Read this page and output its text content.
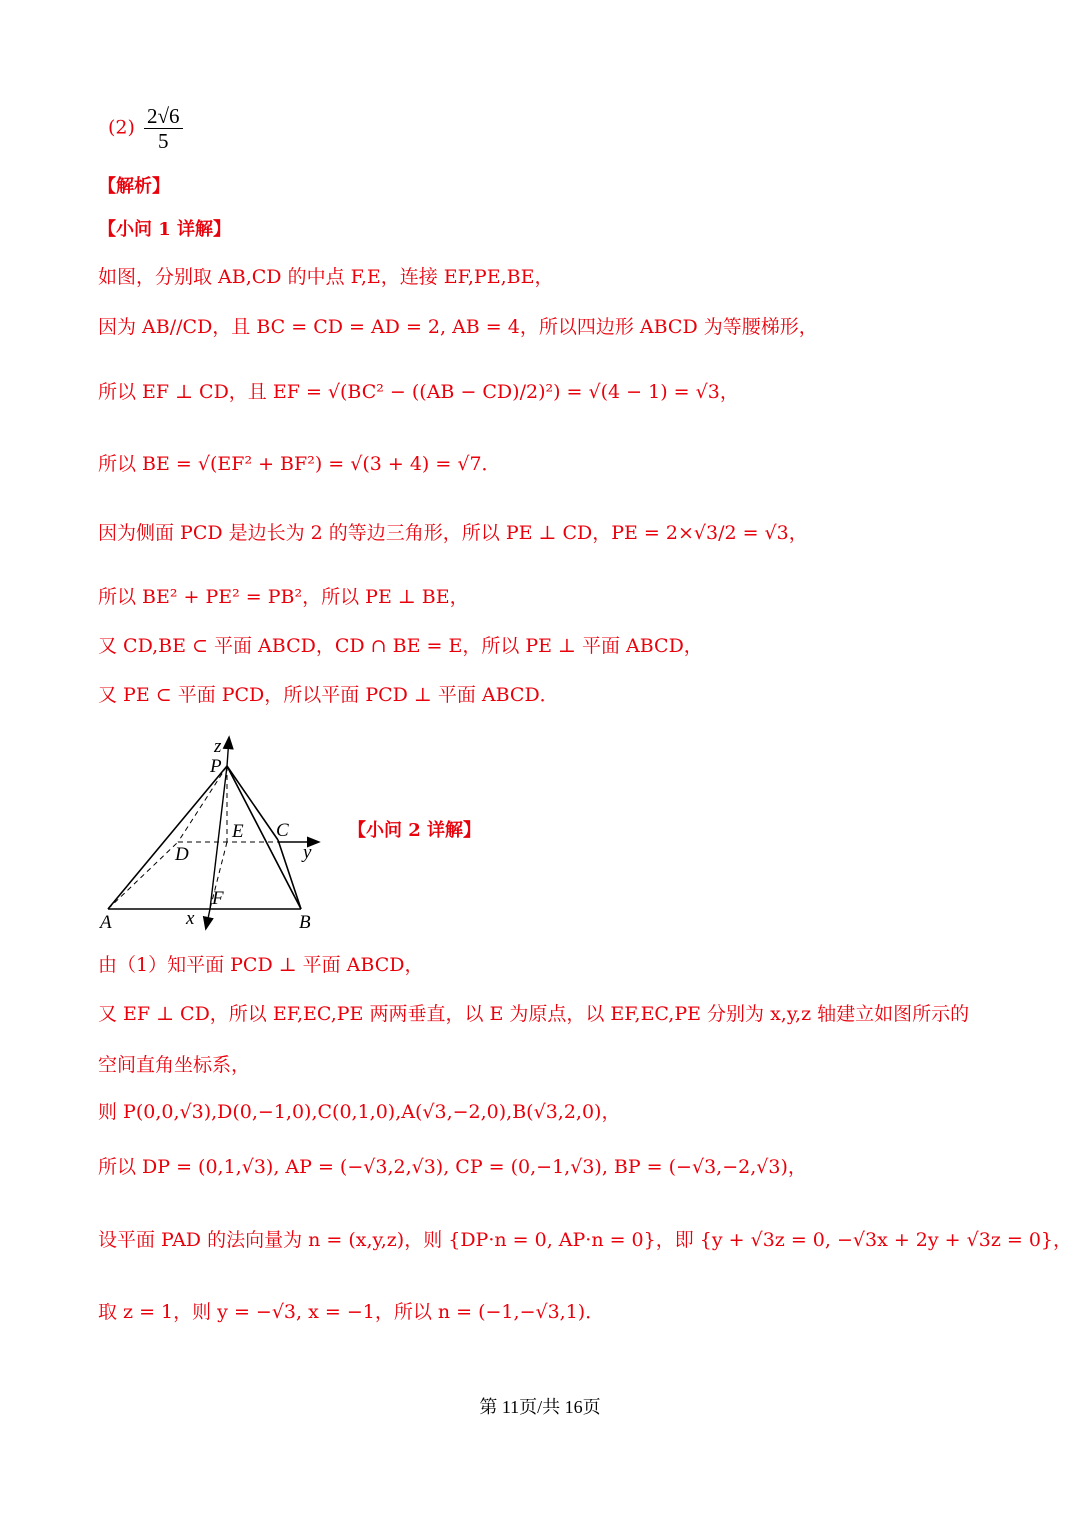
$(2) \frac{2√6}{5}$
【解析】
【小问 1 详解】
如图，分别取 AB,CD 的中点 F,E，连接 EF,PE,BE，
因为 AB//CD，且 BC = CD = AD = 2, AB = 4，所以四边形 ABCD 为等腰梯形，
所以 EF ⊥ CD，且 EF = √(BC² − ((AB − CD)/2)²) = √(4 − 1) = √3，
所以 BE = √(EF² + BF²) = √(3 + 4) = √7．
因为侧面 PCD 是边长为 2 的等边三角形，所以 PE ⊥ CD，PE = 2×√3/2 = √3，
所以 BE² + PE² = PB²，所以 PE ⊥ BE，
又 CD,BE ⊂ 平面 ABCD，CD ∩ BE = E，所以 PE ⊥ 平面 ABCD，
又 PE ⊂ 平面 PCD，所以平面 PCD ⊥ 平面 ABCD．
z
P
E C
D	y
F
A	x	B
【小问 2 详解】
由（1）知平面 PCD ⊥ 平面 ABCD，
又 EF ⊥ CD，所以 EF,EC,PE 两两垂直，以 E 为原点，以 EF,EC,PE 分别为 x,y,z 轴建立如图所示的
空间直角坐标系，
则 P(0,0,√3),D(0,−1,0),C(0,1,0),A(√3,−2,0),B(√3,2,0)，
所以 DP = (0,1,√3), AP = (−√3,2,√3), CP = (0,−1,√3), BP = (−√3,−2,√3)，
设平面 PAD 的法向量为 n = (x,y,z)，则 {DP·n = 0, AP·n = 0}，即 {y + √3z = 0, −√3x + 2y + √3z = 0}，
取 z = 1，则 y = −√3, x = −1，所以 n = (−1,−√3,1)．
第 11页/共 16页
